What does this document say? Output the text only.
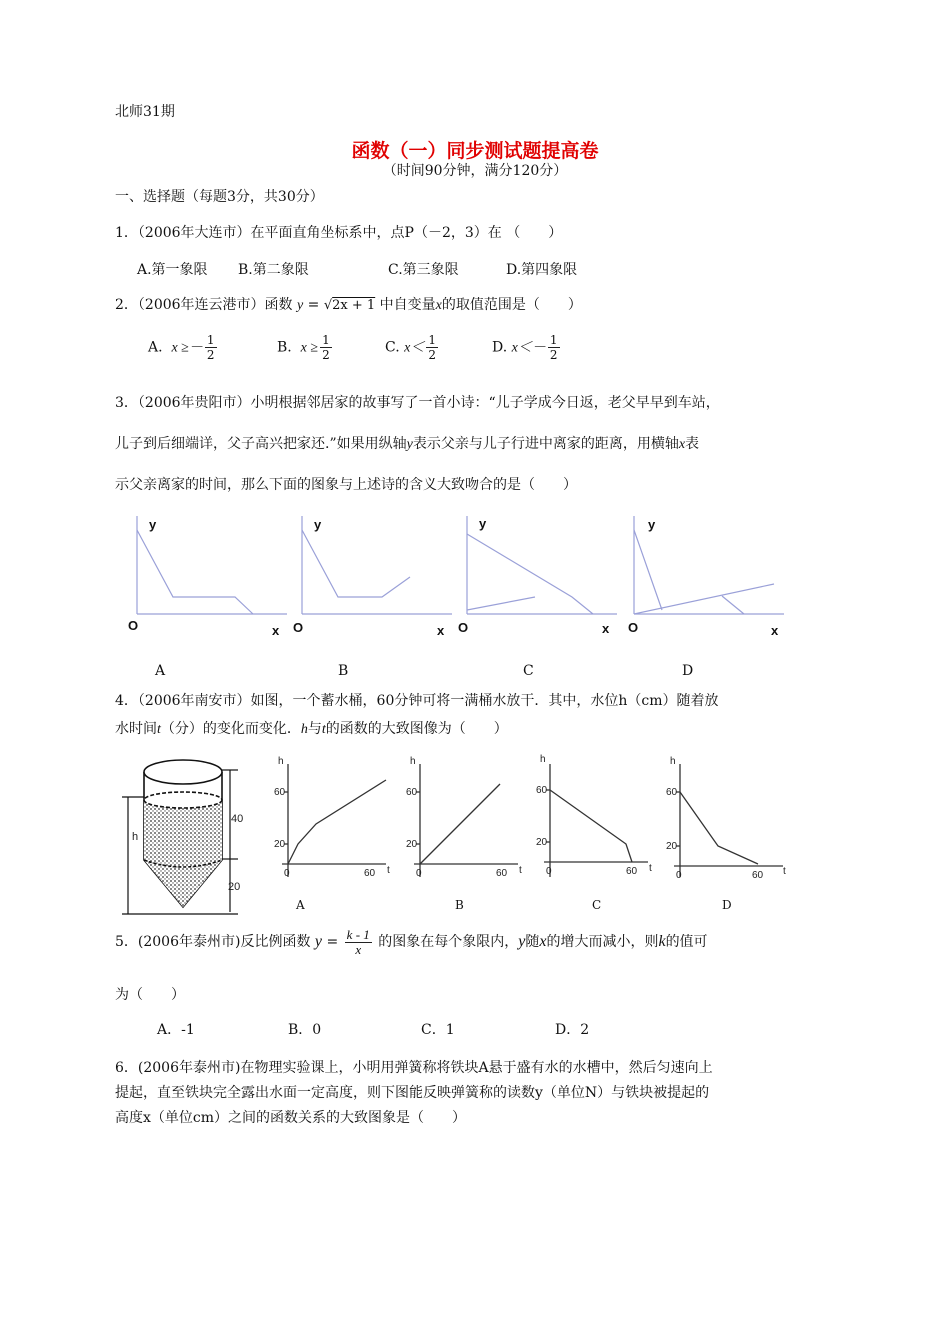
北师31期
函数（一）同步测试题提高卷
（时间90分钟，满分120分）
一、选择题（每题3分，共30分）
1．（2006年大连市）在平面直角坐标系中，点P（－2，3）在 （　　）
A.第一象限 B.第二象限	C.第三象限	D.第四象限
2．（2006年连云港市）函数 y = √2x + 1 中自变量x的取值范围是（　　）
A. $x \ge- \frac{1}{2}$	B. $x \ge \frac{1}{2}$	C. $x< \frac{1}{2}$	D. $x<- \frac{1}{2}$
3．（2006年贵阳市）小明根据邻居家的故事写了一首小诗：“儿子学成今日返，老父早早到车站，
儿子到后细端详，父子高兴把家还.”如果用纵轴y表示父亲与儿子行进中离家的距离，用横轴x表
示父亲离家的时间，那么下面的图象与上述诗的含义大致吻合的是（　　）
y
O	x
y
O	x
y
O	x
y
O	x
A	B	C	D
4．（2006年南安市）如图，一个蓄水桶，60分钟可将一满桶水放干．其中，水位h（cm）随着放
水时间t（分）的变化而变化．h与t的函数的大致图像为（　　）
h
40
20
h
60
20
0	60 t
h
60
20
0	60 t
h
60
20
0	60 t
h
60
20
0	60 t
A	B	C	D
5．(2006年泰州市)反比例函数 $y = \frac{k - 1}{x}$ 的图象在每个象限内，y随x的增大而减小，则k的值可
为（　　）
A．-1	B．0	C．1	D．2
6．(2006年泰州市)在物理实验课上，小明用弹簧称将铁块A悬于盛有水的水槽中，然后匀速向上
提起，直至铁块完全露出水面一定高度，则下图能反映弹簧称的读数y（单位N）与铁块被提起的
高度x（单位cm）之间的函数关系的大致图象是（　　）
